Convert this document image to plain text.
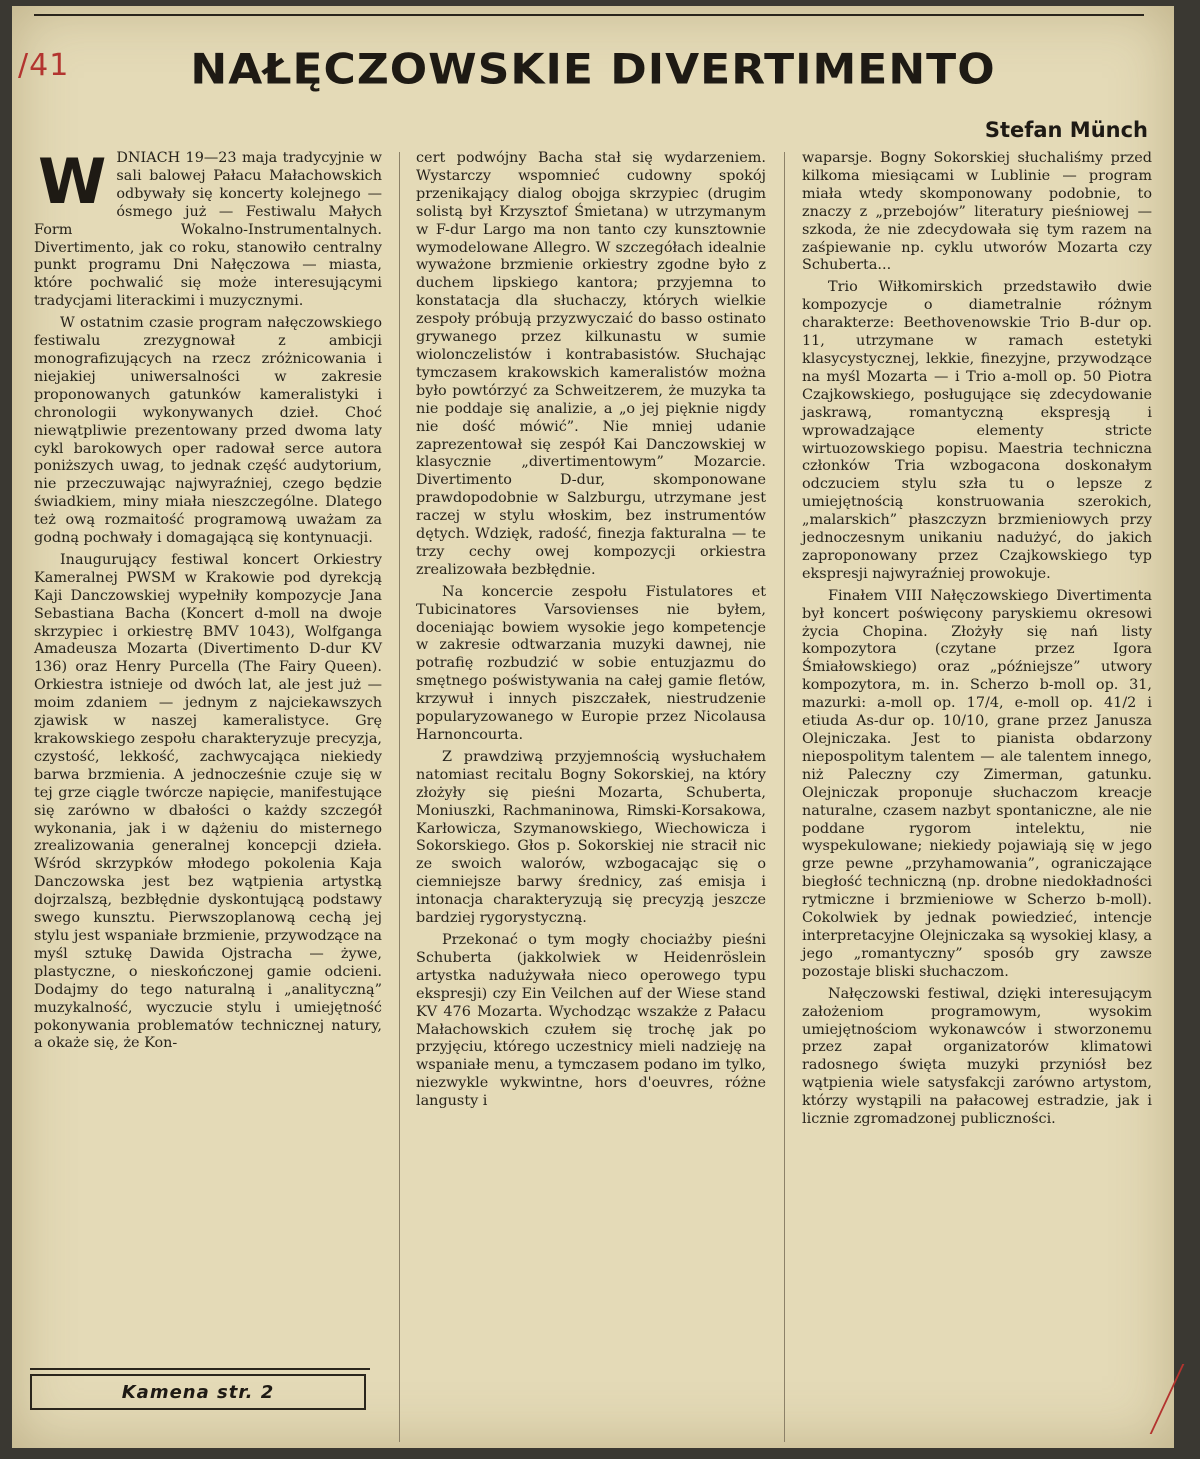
/41	NAŁĘCZOWSKIE DIVERTIMENTO
Stefan Münch

WDNIACH 19—23 maja tradycyjnie w sali balowej Pałacu Małachowskich odbywały się koncerty kolejnego — ósmego już — Festiwalu Małych Form Wokalno-Instrumentalnych. Divertimento, jak co roku, stanowiło centralny punkt programu Dni Nałęczowa — miasta, które pochwalić się może interesującymi tradycjami literackimi i muzycznymi.

W ostatnim czasie program nałęczowskiego festiwalu zrezygnował z ambicji monografizujących na rzecz zróżnicowania i niejakiej uniwersalności w zakresie proponowanych gatunków kameralistyki i chronologii wykonywanych dzieł. Choć niewątpliwie prezentowany przed dwoma laty cykl barokowych oper radował serce autora poniższych uwag, to jednak część audytorium, nie przeczuwając najwyraźniej, czego będzie świadkiem, miny miała nieszczególne. Dlatego też ową rozmaitość programową uważam za godną pochwały i domagającą się kontynuacji.

Inaugurujący festiwal koncert Orkiestry Kameralnej PWSM w Krakowie pod dyrekcją Kaji Danczowskiej wypełniły kompozycje Jana Sebastiana Bacha (Koncert d-moll na dwoje skrzypiec i orkiestrę BMV 1043), Wolfganga Amadeusza Mozarta (Divertimento D-dur KV 136) oraz Henry Purcella (The Fairy Queen). Orkiestra istnieje od dwóch lat, ale jest już — moim zdaniem — jednym z najciekawszych zjawisk w naszej kameralistyce. Grę krakowskiego zespołu charakteryzuje precyzja, czystość, lekkość, zachwycająca niekiedy barwa brzmienia. A jednocześnie czuje się w tej grze ciągle twórcze napięcie, manifestujące się zarówno w dbałości o każdy szczegół wykonania, jak i w dążeniu do misternego zrealizowania generalnej koncepcji dzieła. Wśród skrzypków młodego pokolenia Kaja Danczowska jest bez wątpienia artystką dojrzalszą, bezbłędnie dyskontującą podstawy swego kunsztu. Pierwszoplanową cechą jej stylu jest wspaniałe brzmienie, przywodzące na myśl sztukę Dawida Ojstracha — żywe, plastyczne, o nieskończonej gamie odcieni. Dodajmy do tego naturalną i „analityczną” muzykalność, wyczucie stylu i umiejętność pokonywania problematów technicznej natury, a okaże się, że Kon-

cert podwójny Bacha stał się wydarzeniem. Wystarczy wspomnieć cudowny spokój przenikający dialog obojga skrzypiec (drugim solistą był Krzysztof Śmietana) w utrzymanym w F-dur Largo ma non tanto czy kunsztownie wymodelowane Allegro. W szczegółach idealnie wyważone brzmienie orkiestry zgodne było z duchem lipskiego kantora; przyjemna to konstatacja dla słuchaczy, których wielkie zespoły próbują przyzwyczaić do basso ostinato grywanego przez kilkunastu w sumie wiolonczelistów i kontrabasistów. Słuchając tymczasem krakowskich kameralistów można było powtórzyć za Schweitzerem, że muzyka ta nie poddaje się analizie, a „o jej pięknie nigdy nie dość mówić”. Nie mniej udanie zaprezentował się zespół Kai Danczowskiej w klasycznie „divertimentowym” Mozarcie. Divertimento D-dur, skomponowane prawdopodobnie w Salzburgu, utrzymane jest raczej w stylu włoskim, bez instrumentów dętych. Wdzięk, radość, finezja fakturalna — te trzy cechy owej kompozycji orkiestra zrealizowała bezbłędnie.

Na koncercie zespołu Fistulatores et Tubicinatores Varsovienses nie byłem, doceniając bowiem wysokie jego kompetencje w zakresie odtwarzania muzyki dawnej, nie potrafię rozbudzić w sobie entuzjazmu do smętnego poświstywania na całej gamie fletów, krzywuł i innych piszczałek, niestrudzenie popularyzowanego w Europie przez Nicolausa Harnoncourta.

Z prawdziwą przyjemnością wysłuchałem natomiast recitalu Bogny Sokorskiej, na który złożyły się pieśni Mozarta, Schuberta, Moniuszki, Rachmaninowa, Rimski-Korsakowa, Karłowicza, Szymanowskiego, Wiechowicza i Sokorskiego. Głos p. Sokorskiej nie stracił nic ze swoich walorów, wzbogacając się o ciemniejsze barwy średnicy, zaś emisja i intonacja charakteryzują się precyzją jeszcze bardziej rygorystyczną.

Przekonać o tym mogły chociażby pieśni Schuberta (jakkolwiek w Heidenröslein artystka nadużywała nieco operowego typu ekspresji) czy Ein Veilchen auf der Wiese stand KV 476 Mozarta. Wychodząc wszakże z Pałacu Małachowskich czułem się trochę jak po przyjęciu, którego uczestnicy mieli nadzieję na wspaniałe menu, a tymczasem podano im tylko, niezwykle wykwintne, hors d'oeuvres, różne langusty i

waparsje. Bogny Sokorskiej słuchaliśmy przed kilkoma miesiącami w Lublinie — program miała wtedy skomponowany podobnie, to znaczy z „przebojów” literatury pieśniowej — szkoda, że nie zdecydowała się tym razem na zaśpiewanie np. cyklu utworów Mozarta czy Schuberta...

Trio Wiłkomirskich przedstawiło dwie kompozycje o diametralnie różnym charakterze: Beethovenowskie Trio B-dur op. 11, utrzymane w ramach estetyki klasycystycznej, lekkie, finezyjne, przywodzące na myśl Mozarta — i Trio a-moll op. 50 Piotra Czajkowskiego, posługujące się zdecydowanie jaskrawą, romantyczną ekspresją i wprowadzające elementy stricte wirtuozowskiego popisu. Maestria techniczna członków Tria wzbogacona doskonałym odczuciem stylu szła tu o lepsze z umiejętnością konstruowania szerokich, „malarskich” płaszczyzn brzmieniowych przy jednoczesnym unikaniu nadużyć, do jakich zaproponowany przez Czajkowskiego typ ekspresji najwyraźniej prowokuje.

Finałem VIII Nałęczowskiego Divertimenta był koncert poświęcony paryskiemu okresowi życia Chopina. Złożyły się nań listy kompozytora (czytane przez Igora Śmiałowskiego) oraz „późniejsze” utwory kompozytora, m. in. Scherzo b-moll op. 31, mazurki: a-moll op. 17/4, e-moll op. 41/2 i etiuda As-dur op. 10/10, grane przez Janusza Olejniczaka. Jest to pianista obdarzony niepospolitym talentem — ale talentem innego, niż Paleczny czy Zimerman, gatunku. Olejniczak proponuje słuchaczom kreacje naturalne, czasem nazbyt spontaniczne, ale nie poddane rygorom intelektu, nie wyspekulowane; niekiedy pojawiają się w jego grze pewne „przyhamowania”, ograniczające biegłość techniczną (np. drobne niedokładności rytmiczne i brzmieniowe w Scherzo b-moll). Cokolwiek by jednak powiedzieć, intencje interpretacyjne Olejniczaka są wysokiej klasy, a jego „romantyczny” sposób gry zawsze pozostaje bliski słuchaczom.

Nałęczowski festiwal, dzięki interesującym założeniom programowym, wysokim umiejętnościom wykonawców i stworzonemu przez zapał organizatorów klimatowi radosnego święta muzyki przyniósł bez wątpienia wiele satysfakcji zarówno artystom, którzy wystąpili na pałacowej estradzie, jak i licznie zgromadzonej publiczności.

Kamena str. 2
